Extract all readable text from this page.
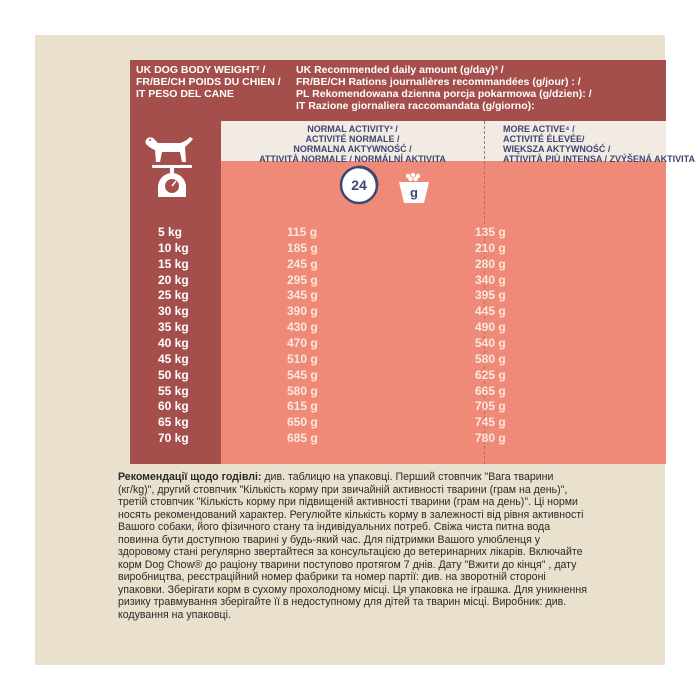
UK DOG BODY WEIGHT² /
FR/BE/CH POIDS DU CHIEN /
IT PESO DEL CANE
UK Recommended daily amount (g/day)³ /
FR/BE/CH Rations journalières recommandées (g/jour) : /
PL Rekomendowana dzienna porcja pokarmowa (g/dzien): /
IT Razione giornaliera raccomandata (g/giorno):
NORMAL ACTIVITY³ /
ACTIVITÉ NORMALE /
NORMALNA AKTYWNOŚĆ /
ATTIVITÀ NORMALE / NORMÁLNÍ AKTIVITA
MORE ACTIVE⁴ /
ACTIVITÉ ÉLEVÉE/
WIĘKSZA AKTYWNOŚĆ /
ATTIVITÀ PIÙ INTENSA / ZVÝŠENÁ AKTIVITA
5 kg	115 g	135 g
10 kg	185 g	210 g
15 kg	245 g	280 g
20 kg	295 g	340 g
25 kg	345 g	395 g
30 kg	390 g	445 g
35 kg	430 g	490 g
40 kg	470 g	540 g
45 kg	510 g	580 g
50 kg	545 g	625 g
55 kg	580 g	665 g
60 kg	615 g	705 g
65 kg	650 g	745 g
70 kg	685 g	780 g
24	g
Рекомендації щодо годівлі: див. таблицю на упаковці. Перший стовпчик "Вага тварини (кг/kg)", другий стовпчик "Кількість корму при звичайній активності тварини (грам на день)", третій стовпчик "Кількість корму при підвищеній активності тварини (грам на день)". Ці норми носять рекомендований характер. Регулюйте кількість корму в залежності від рівня активності Вашого собаки, його фізичного стану та індивідуальних потреб. Свіжа чиста питна вода повинна бути доступною тварині у будь-який час. Для підтримки Вашого улюбленця у здоровому стані регулярно звертайтеся за консультацією до ветеринарних лікарів. Включайте корм Dog Chow® до раціону тварини поступово протягом 7 днів. Дату "Вжити до кінця" , дату виробництва, реєстраційний номер фабрики та номер партії: див. на зворотній стороні упаковки. Зберігати корм в сухому прохолодному місці. Ця упаковка не іграшка. Для уникнення ризику травмування зберігайте її в недоступному для дітей та тварин місці. Виробник: див. кодування на упаковці.
